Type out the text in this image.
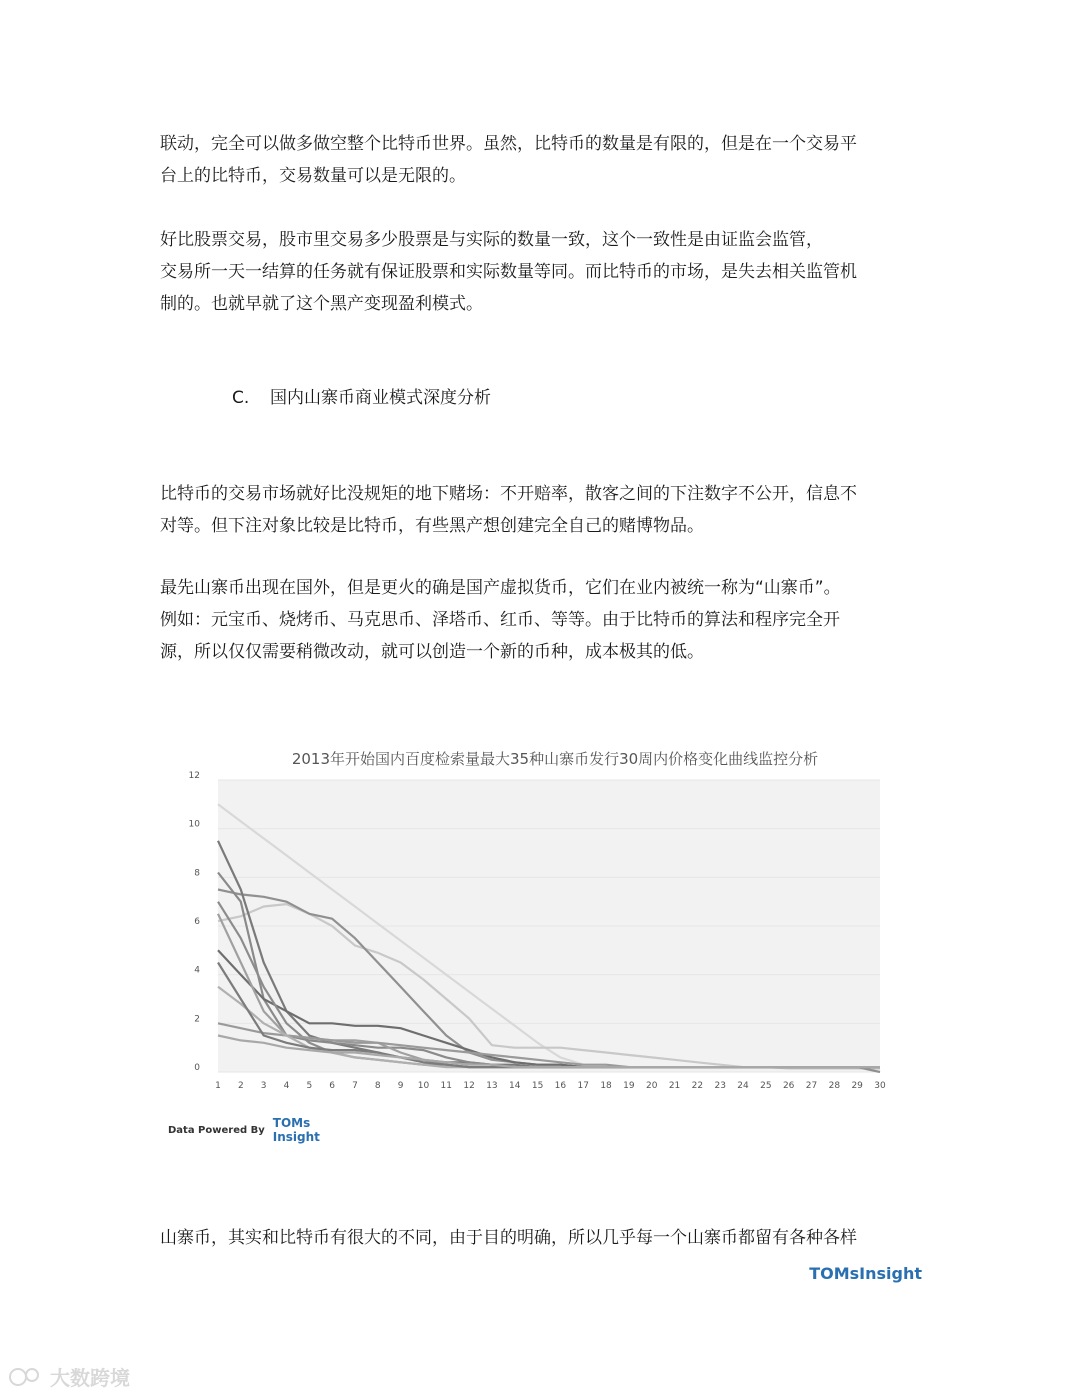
联动，完全可以做多做空整个比特币世界。虽然，比特币的数量是有限的，但是在一个交易平
台上的比特币，交易数量可以是无限的。
好比股票交易，股市里交易多少股票是与实际的数量一致，这个一致性是由证监会监管，
交易所一天一结算的任务就有保证股票和实际数量等同。而比特币的市场，是失去相关监管机
制的。也就早就了这个黑产变现盈利模式。
C. 国内山寨币商业模式深度分析
比特币的交易市场就好比没规矩的地下赌场：不开赔率，散客之间的下注数字不公开，信息不
对等。但下注对象比较是比特币，有些黑产想创建完全自己的赌博物品。
最先山寨币出现在国外，但是更火的确是国产虚拟货币，它们在业内被统一称为“山寨币”。
例如：元宝币、烧烤币、马克思币、泽塔币、红币、等等。由于比特币的算法和程序完全开
源，所以仅仅需要稍微改动，就可以创造一个新的币种，成本极其的低。
2013年开始国内百度检索量最大35种山寨币发行30周内价格变化曲线监控分析
0
2
4
6
8
10
12
1 2 3 4 5 6 7 8 9 10 11 12 13 14 15 16 17 18 19 20 21 22 23 24 25 26 27 28 29 30
Data Powered By TOMs
Insight
山寨币，其实和比特币有很大的不同，由于目的明确，所以几乎每一个山寨币都留有各种各样
TOMsInsight
大数跨境
